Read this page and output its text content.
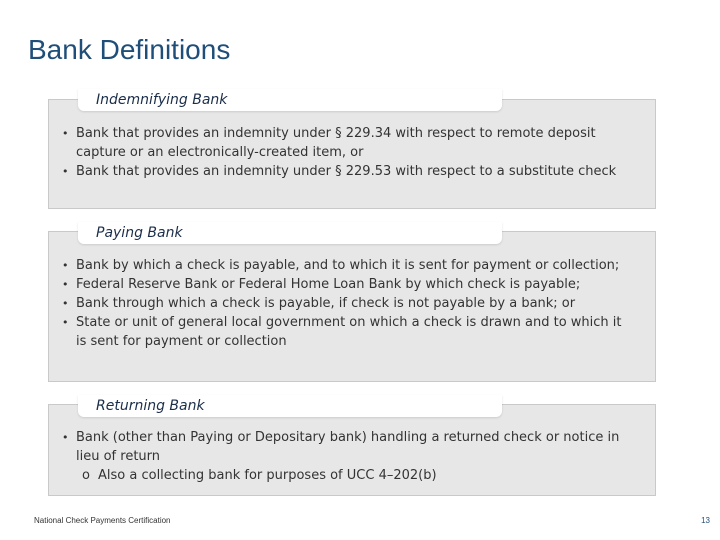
Bank Definitions
Indemnifying Bank
• Bank that provides an indemnity under § 229.34 with respect to remote deposit capture or an electronically-created item, or
• Bank that provides an indemnity under § 229.53 with respect to a substitute check
Paying Bank
• Bank by which a check is payable, and to which it is sent for payment or collection;
• Federal Reserve Bank or Federal Home Loan Bank by which check is payable;
• Bank through which a check is payable, if check is not payable by a bank; or
• State or unit of general local government on which a check is drawn and to which it is sent for payment or collection
Returning Bank
• Bank (other than Paying or Depositary bank) handling a returned check or notice in lieu of return
o Also a collecting bank for purposes of UCC 4–202(b)
National Check Payments Certification	13
